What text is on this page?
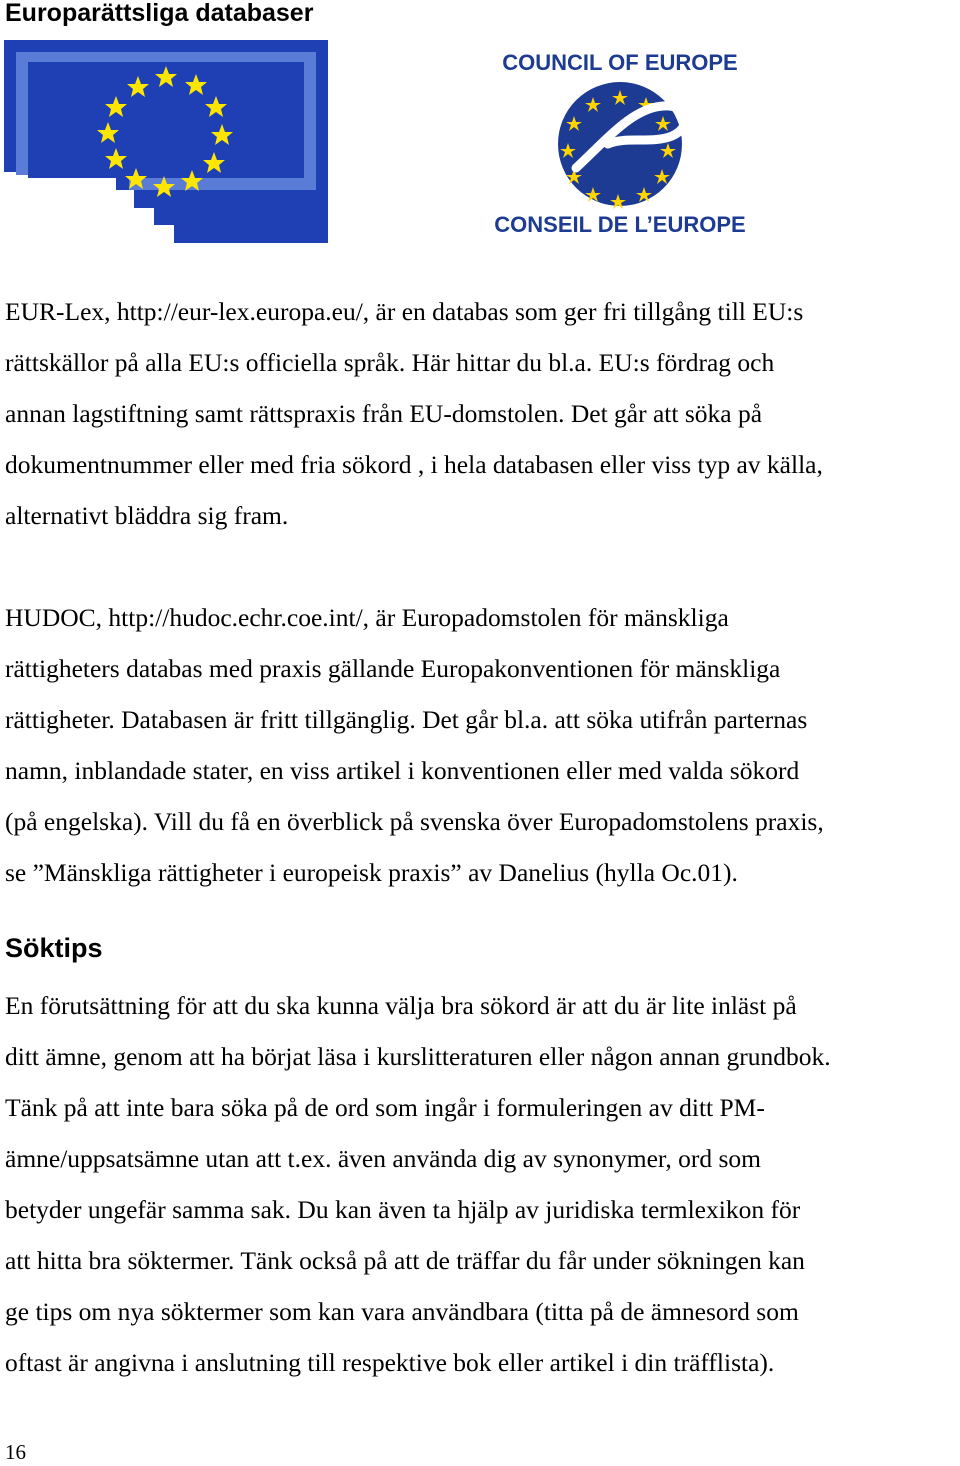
Europarättsliga databaser
COUNCIL OF EUROPE
CONSEIL DE L’EUROPE

EUR-Lex, http://eur-lex.europa.eu/, är en databas som ger fri tillgång till EU:s
rättskällor på alla EU:s officiella språk. Här hittar du bl.a. EU:s fördrag och
annan lagstiftning samt rättspraxis från EU-domstolen. Det går att söka på
dokumentnummer eller med fria sökord , i hela databasen eller viss typ av källa,
alternativt bläddra sig fram.

HUDOC, http://hudoc.echr.coe.int/, är Europadomstolen för mänskliga
rättigheters databas med praxis gällande Europakonventionen för mänskliga
rättigheter. Databasen är fritt tillgänglig. Det går bl.a. att söka utifrån parternas
namn, inblandade stater, en viss artikel i konventionen eller med valda sökord
(på engelska). Vill du få en överblick på svenska över Europadomstolens praxis,
se ”Mänskliga rättigheter i europeisk praxis” av Danelius (hylla Oc.01).

Söktips

En förutsättning för att du ska kunna välja bra sökord är att du är lite inläst på
ditt ämne, genom att ha börjat läsa i kurslitteraturen eller någon annan grundbok.
Tänk på att inte bara söka på de ord som ingår i formuleringen av ditt PM-
ämne/uppsatsämne utan att t.ex. även använda dig av synonymer, ord som
betyder ungefär samma sak. Du kan även ta hjälp av juridiska termlexikon för
att hitta bra söktermer. Tänk också på att de träffar du får under sökningen kan
ge tips om nya söktermer som kan vara användbara (titta på de ämnesord som
oftast är angivna i anslutning till respektive bok eller artikel i din träfflista).

16
